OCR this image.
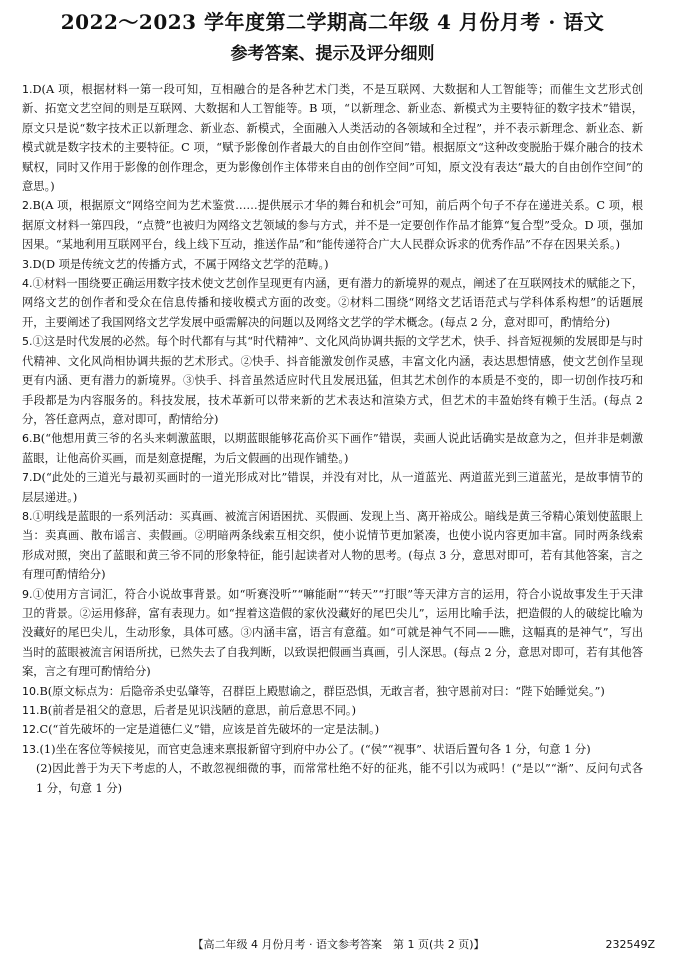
2022～2023 学年度第二学期高二年级 4 月份月考 · 语文
参考答案、提示及评分细则

1.D(A 项，根据材料一第一段可知，互相融合的是各种艺术门类，不是互联网、大数据和人工智能等；而催生文艺形式创新、拓宽文艺空间的则是互联网、大数据和人工智能等。B 项，“以新理念、新业态、新模式为主要特征的数字技术”错误，原文只是说“数字技术正以新理念、新业态、新模式，全面融入人类活动的各领域和全过程”，并不表示新理念、新业态、新模式就是数字技术的主要特征。C 项，“赋予影像创作者最大的自由创作空间”错。根据原文“这种改变脱胎于媒介融合的技术赋权，同时又作用于影像的创作理念，更为影像创作主体带来自由的创作空间”可知，原文没有表达“最大的自由创作空间”的意思。)

2.B(A 项，根据原文“网络空间为艺术鉴赏……提供展示才华的舞台和机会”可知，前后两个句子不存在递进关系。C 项，根据原文材料一第四段，“点赞”也被归为网络文艺领域的参与方式，并不是一定要创作作品才能算“复合型”受众。D 项，强加因果。“某地利用互联网平台，线上线下互动，推送作品”和“能传递符合广大人民群众诉求的优秀作品”不存在因果关系。)

3.D(D 项是传统文艺的传播方式，不属于网络文艺学的范畴。)

4.①材料一围绕要正确运用数字技术使文艺创作呈现更有内涵，更有潜力的新境界的观点，阐述了在互联网技术的赋能之下，网络文艺的创作者和受众在信息传播和接收模式方面的改变。②材料二围绕“网络文艺话语范式与学科体系构想”的话题展开，主要阐述了我国网络文艺学发展中亟需解决的问题以及网络文艺学的学术概念。(每点 2 分，意对即可，酌情给分)

5.①这是时代发展的必然。每个时代都有与其“时代精神”、文化风尚协调共振的文学艺术，快手、抖音短视频的发展即是与时代精神、文化风尚相协调共振的艺术形式。②快手、抖音能激发创作灵感，丰富文化内涵，表达思想情感，使文艺创作呈现更有内涵、更有潜力的新境界。③快手、抖音虽然适应时代且发展迅猛，但其艺术创作的本质是不变的，即一切创作技巧和手段都是为内容服务的。科技发展，技术革新可以带来新的艺术表达和渲染方式，但艺术的丰盈始终有赖于生活。(每点 2 分，答任意两点，意对即可，酌情给分)

6.B(“他想用黄三爷的名头来刺激蓝眼，以期蓝眼能够花高价买下画作”错误，卖画人说此话确实是故意为之，但并非是刺激蓝眼，让他高价买画，而是刻意提醒，为后文假画的出现作铺垫。)

7.D(“此处的三道光与最初买画时的一道光形成对比”错误，并没有对比，从一道蓝光、两道蓝光到三道蓝光，是故事情节的层层递进。)

8.①明线是蓝眼的一系列活动：买真画、被流言闲语困扰、买假画、发现上当、离开裕成公。暗线是黄三爷精心策划使蓝眼上当：卖真画、散布谣言、卖假画。②明暗两条线索互相交织，使小说情节更加紧凑，也使小说内容更加丰富。同时两条线索形成对照，突出了蓝眼和黄三爷不同的形象特征，能引起读者对人物的思考。(每点 3 分，意思对即可，若有其他答案，言之有理可酌情给分)

9.①使用方言词汇，符合小说故事背景。如“听赛没听”“嘛能耐”“转天”“打眼”等天津方言的运用，符合小说故事发生于天津卫的背景。②运用修辞，富有表现力。如“捏着这造假的家伙没藏好的尾巴尖儿”，运用比喻手法，把造假的人的破绽比喻为没藏好的尾巴尖儿，生动形象，具体可感。③内涵丰富，语言有意蕴。如“可就是神气不同——瞧，这幅真的是神气”，写出当时的蓝眼被流言闲语所扰，已然失去了自我判断，以致误把假画当真画，引人深思。(每点 2 分，意思对即可，若有其他答案，言之有理可酌情给分)

10.B(原文标点为：后隐帝杀史弘肇等，召群臣上殿慰谕之，群臣恐惧，无敢言者，独守恩前对曰：“陛下始睡觉矣。”)

11.B(前者是祖父的意思，后者是见识浅陋的意思，前后意思不同。)

12.C(“首先破坏的一定是道德仁义”错，应该是首先破坏的一定是法制。)

13.(1)坐在客位等候接见，而官吏急速来禀报新留守到府中办公了。(“侯”“视事”、状语后置句各 1 分，句意 1 分)
(2)因此善于为天下考虑的人，不敢忽视细微的事，而常常杜绝不好的征兆，能不引以为戒吗！(“是以”“渐”、反问句式各 1 分，句意 1 分)

【高二年级 4 月份月考 · 语文参考答案　第 1 页(共 2 页)】	232549Z
